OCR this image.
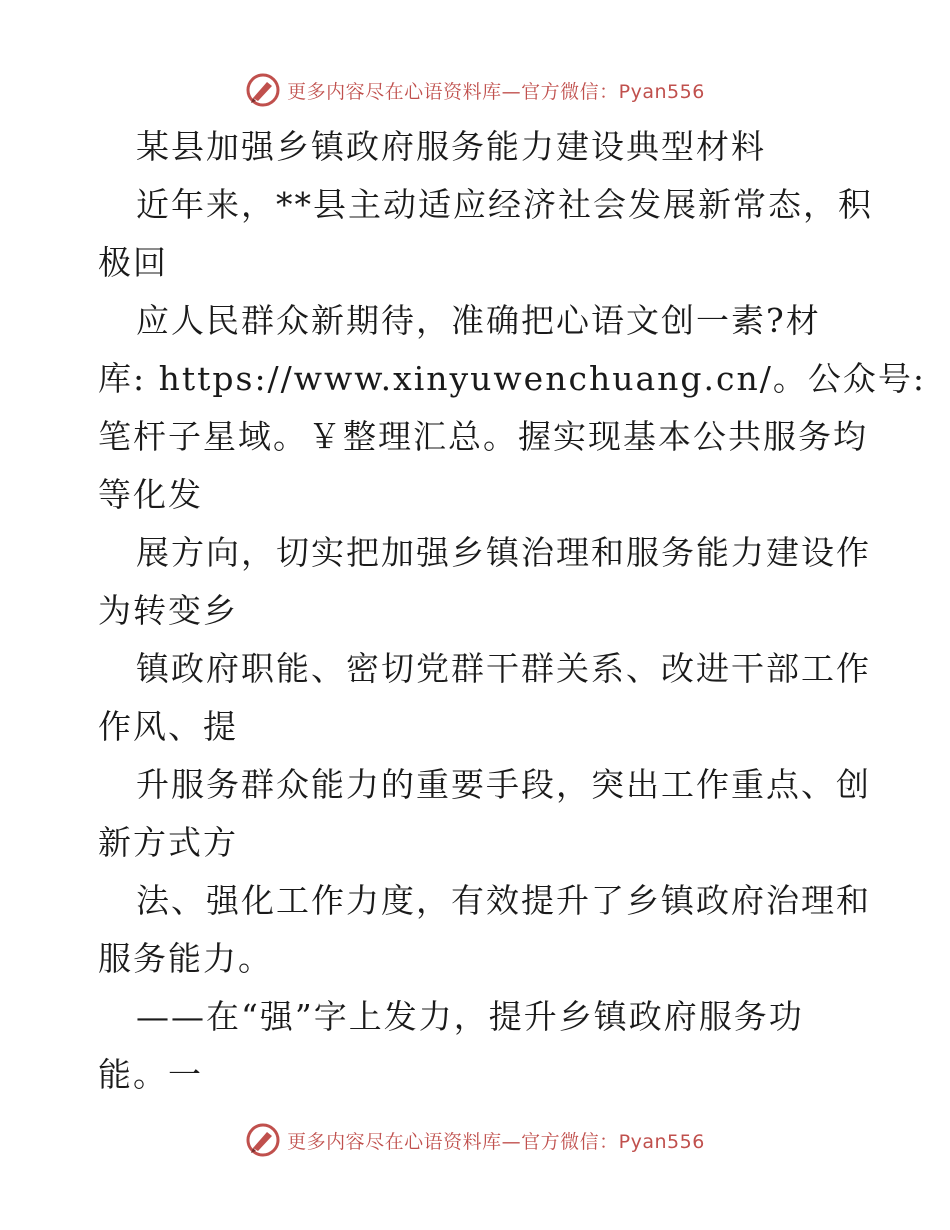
更多内容尽在心语资料库—官方微信：Pyan556
某县加强乡镇政府服务能力建设典型材料
近年来，**县主动适应经济社会发展新常态，积
极回
应人民群众新期待，准确把心语文创一素?材
库: https://www.xinyuwenchuang.cn/。公众号:
笔杆子星域。￥整理汇总。握实现基本公共服务均
等化发
展方向，切实把加强乡镇治理和服务能力建设作
为转变乡
镇政府职能、密切党群干群关系、改进干部工作
作风、提
升服务群众能力的重要手段，突出工作重点、创
新方式方
法、强化工作力度，有效提升了乡镇政府治理和
服务能力。
——在“强”字上发力，提升乡镇政府服务功
能。一
更多内容尽在心语资料库—官方微信：Pyan556
